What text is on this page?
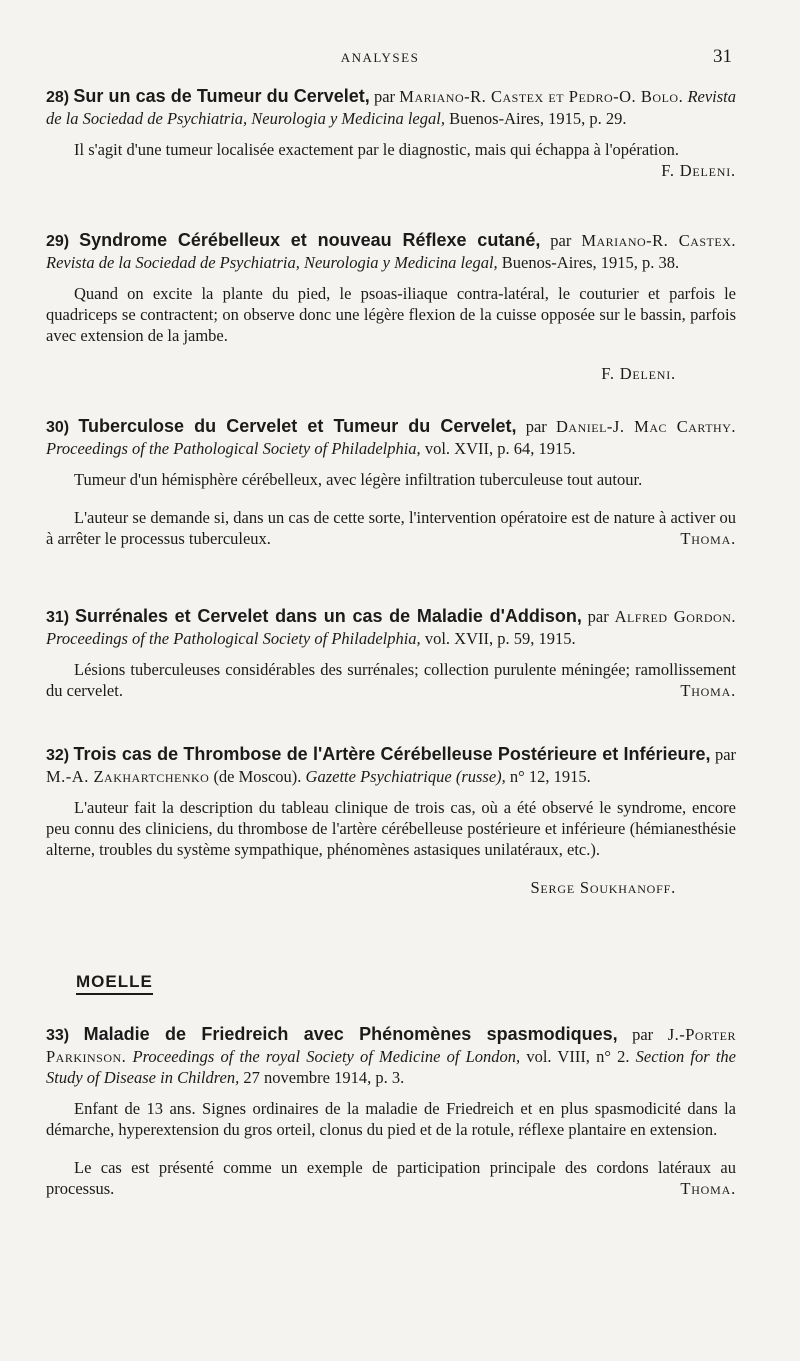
ANALYSES	31
28) Sur un cas de Tumeur du Cervelet, par Mariano-R. Castex et Pedro-O. Bolo. Revista de la Sociedad de Psychiatria, Neurologia y Medicina legal, Buenos-Aires, 1915, p. 29.

Il s'agit d'une tumeur localisée exactement par le diagnostic, mais qui échappa à l'opération.
F. Deleni.

29) Syndrome Cérébelleux et nouveau Réflexe cutané, par Mariano-R. Castex. Revista de la Sociedad de Psychiatria, Neurologia y Medicina legal, Buenos-Aires, 1915, p. 38.

Quand on excite la plante du pied, le psoas-iliaque contra-latéral, le couturier et parfois le quadriceps se contractent; on observe donc une légère flexion de la cuisse opposée sur le bassin, parfois avec extension de la jambe.

F. Deleni.
30) Tuberculose du Cervelet et Tumeur du Cervelet, par Daniel-J. Mac Carthy. Proceedings of the Pathological Society of Philadelphia, vol. XVII, p. 64, 1915.

Tumeur d'un hémisphère cérébelleux, avec légère infiltration tuberculeuse tout autour.

L'auteur se demande si, dans un cas de cette sorte, l'intervention opératoire est de nature à activer ou à arrêter le processus tuberculeux.	Thoma.

31) Surrénales et Cervelet dans un cas de Maladie d'Addison, par Alfred Gordon. Proceedings of the Pathological Society of Philadelphia, vol. XVII, p. 59, 1915.

Lésions tuberculeuses considérables des surrénales; collection purulente méningée; ramollissement du cervelet.	Thoma.

32) Trois cas de Thrombose de l'Artère Cérébelleuse Postérieure et Inférieure, par M.-A. Zakhartchenko (de Moscou). Gazette Psychiatrique (russe), n° 12, 1915.

L'auteur fait la description du tableau clinique de trois cas, où a été observé le syndrome, encore peu connu des cliniciens, du thrombose de l'artère cérébelleuse postérieure et inférieure (hémianesthésie alterne, troubles du système sympathique, phénomènes astasiques unilatéraux, etc.).

Serge Soukhanoff.
MOELLE
33) Maladie de Friedreich avec Phénomènes spasmodiques, par J.-Porter Parkinson. Proceedings of the royal Society of Medicine of London, vol. VIII, n° 2. Section for the Study of Disease in Children, 27 novembre 1914, p. 3.

Enfant de 13 ans. Signes ordinaires de la maladie de Friedreich et en plus spasmodicité dans la démarche, hyperextension du gros orteil, clonus du pied et de la rotule, réflexe plantaire en extension.

Le cas est présenté comme un exemple de participation principale des cordons latéraux au processus.	Thoma.
